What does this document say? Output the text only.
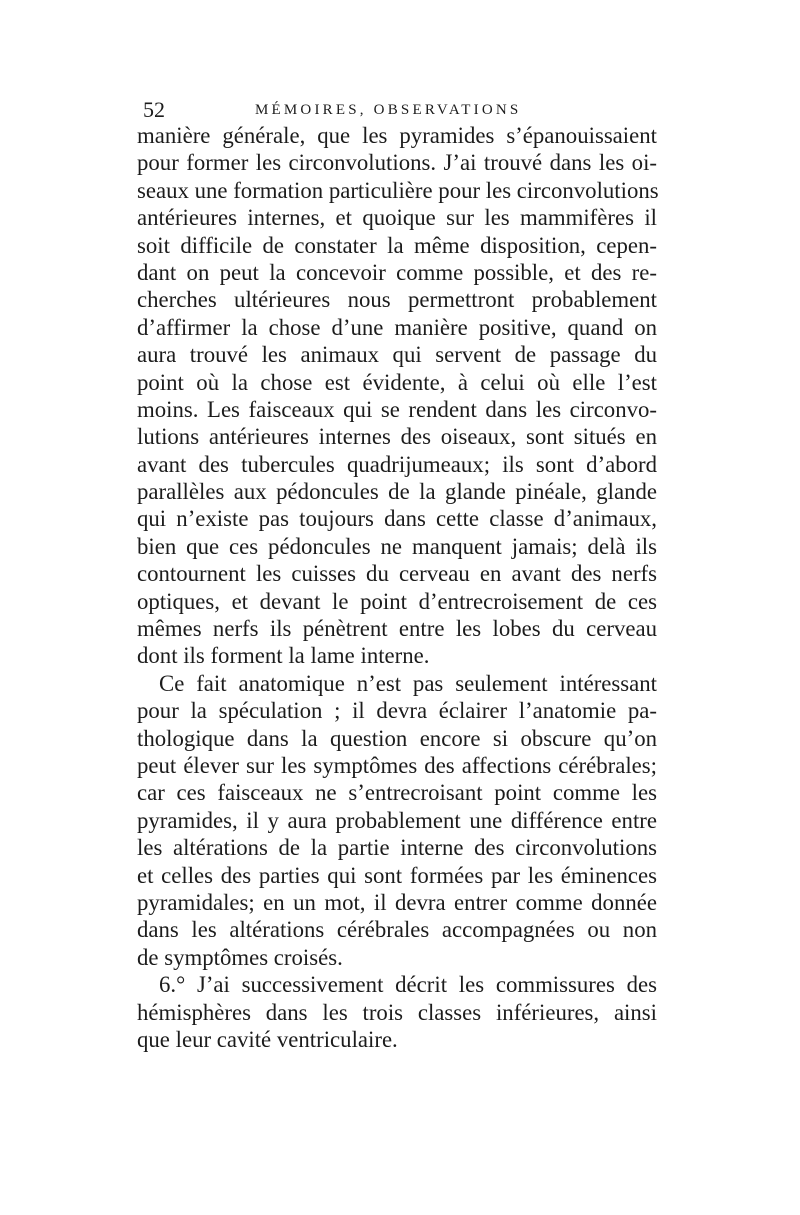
52	MÉMOIRES, OBSERVATIONS
manière générale, que les pyramides s’épanouissaient
pour former les circonvolutions. J’ai trouvé dans les oi-
seaux une formation particulière pour les circonvolutions
antérieures internes, et quoique sur les mammifères il
soit difficile de constater la même disposition, cepen-
dant on peut la concevoir comme possible, et des re-
cherches ultérieures nous permettront probablement
d’affirmer la chose d’une manière positive, quand on
aura trouvé les animaux qui servent de passage du
point où la chose est évidente, à celui où elle l’est
moins. Les faisceaux qui se rendent dans les circonvo-
lutions antérieures internes des oiseaux, sont situés en
avant des tubercules quadrijumeaux; ils sont d’abord
parallèles aux pédoncules de la glande pinéale, glande
qui n’existe pas toujours dans cette classe d’animaux,
bien que ces pédoncules ne manquent jamais; delà ils
contournent les cuisses du cerveau en avant des nerfs
optiques, et devant le point d’entrecroisement de ces
mêmes nerfs ils pénètrent entre les lobes du cerveau
dont ils forment la lame interne.
Ce fait anatomique n’est pas seulement intéressant
pour la spéculation ; il devra éclairer l’anatomie pa-
thologique dans la question encore si obscure qu’on
peut élever sur les symptômes des affections cérébrales;
car ces faisceaux ne s’entrecroisant point comme les
pyramides, il y aura probablement une différence entre
les altérations de la partie interne des circonvolutions
et celles des parties qui sont formées par les éminences
pyramidales; en un mot, il devra entrer comme donnée
dans les altérations cérébrales accompagnées ou non
de symptômes croisés.
6.° J’ai successivement décrit les commissures des
hémisphères dans les trois classes inférieures, ainsi
que leur cavité ventriculaire.
